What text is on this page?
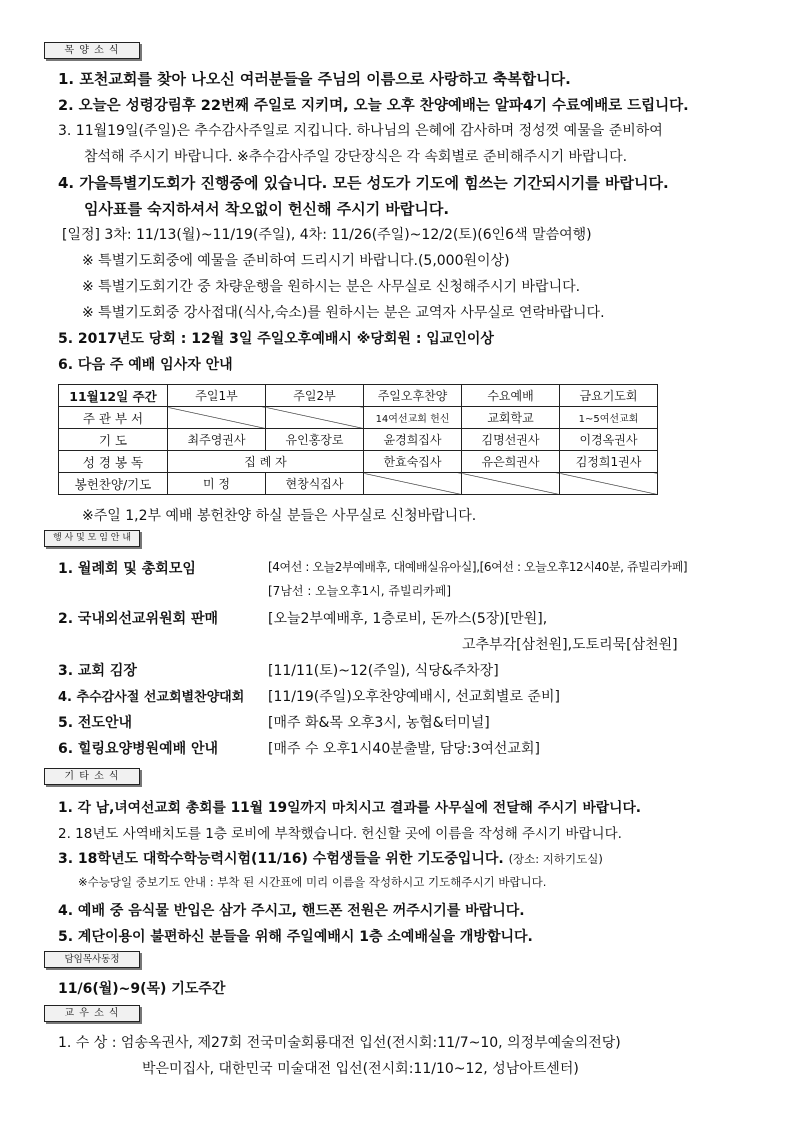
목 양 소 식
1. 포천교회를 찾아 나오신 여러분들을 주님의 이름으로 사랑하고 축복합니다.
2. 오늘은 성령강림후 22번째 주일로 지키며, 오늘 오후 찬양예배는 알파4기 수료예배로 드립니다.
3. 11월19일(주일)은 추수감사주일로 지킵니다. 하나님의 은혜에 감사하며 정성껏 예물을 준비하여
참석해 주시기 바랍니다. ※추수감사주일 강단장식은 각 속회별로 준비해주시기 바랍니다.
4. 가을특별기도회가 진행중에 있습니다. 모든 성도가 기도에 힘쓰는 기간되시기를 바랍니다.
임사표를 숙지하셔서 착오없이 헌신해 주시기 바랍니다.
[일정] 3차: 11/13(월)~11/19(주일), 4차: 11/26(주일)~12/2(토)(6인6색 말씀여행)
※ 특별기도회중에 예물을 준비하여 드리시기 바랍니다.(5,000원이상)
※ 특별기도회기간 중 차량운행을 원하시는 분은 사무실로 신청해주시기 바랍니다.
※ 특별기도회중 강사접대(식사,숙소)를 원하시는 분은 교역자 사무실로 연락바랍니다.
5. 2017년도 당회 : 12월 3일 주일오후예배시 ※당회원 : 입교인이상
6. 다음 주 예배 임사자 안내
11월12일 주간	주일1부	주일2부	주일오후찬양	수요예배	금요기도회
주 관 부 서			14여선교회 헌신	교회학교	1~5여선교회
기 도	최주영권사	유인홍장로	윤경희집사	김명선권사	이경옥권사
성 경 봉 독	집 례 자		한효숙집사	유은희권사	김정희1권사
봉헌찬양/기도	미 정	현창식집사			
※주일 1,2부 예배 봉헌찬양 하실 분들은 사무실로 신청바랍니다.
행 사 및 모 임 안 내
1. 월례회 및 총회모임	[4여선 : 오늘2부예배후, 대예배실유아실],[6여선 : 오늘오후12시40분, 쥬빌리카페]
[7남선 : 오늘오후1시, 쥬빌리카페]
2. 국내외선교위원회 판매	[오늘2부예배후, 1층로비, 돈까스(5장)[만원],
고추부각[삼천원],도토리묵[삼천원]
3. 교회 김장	[11/11(토)~12(주일), 식당&주차장]
4. 추수감사절 선교회별찬양대회 [11/19(주일)오후찬양예배시, 선교회별로 준비]
5. 전도안내	[매주 화&목 오후3시, 농협&터미널]
6. 힐링요양병원예배 안내	[매주 수 오후1시40분출발, 담당:3여선교회]
기 타 소 식
1. 각 남,녀여선교회 총회를 11월 19일까지 마치시고 결과를 사무실에 전달해 주시기 바랍니다.
2. 18년도 사역배치도를 1층 로비에 부착했습니다. 헌신할 곳에 이름을 작성해 주시기 바랍니다.
3. 18학년도 대학수학능력시험(11/16) 수험생들을 위한 기도중입니다. (장소: 지하기도실)
※수능당일 중보기도 안내 : 부착 된 시간표에 미리 이름을 작성하시고 기도해주시기 바랍니다.
4. 예배 중 음식물 반입은 삼가 주시고, 핸드폰 전원은 꺼주시기를 바랍니다.
5. 계단이용이 불편하신 분들을 위해 주일예배시 1층 소예배실을 개방합니다.
담임목사동정
11/6(월)~9(목) 기도주간
교 우 소 식
1. 수 상 : 엄송옥권사, 제27회 전국미술회룡대전 입선(전시회:11/7~10, 의정부예술의전당)
박은미집사, 대한민국 미술대전 입선(전시회:11/10~12, 성남아트센터)
